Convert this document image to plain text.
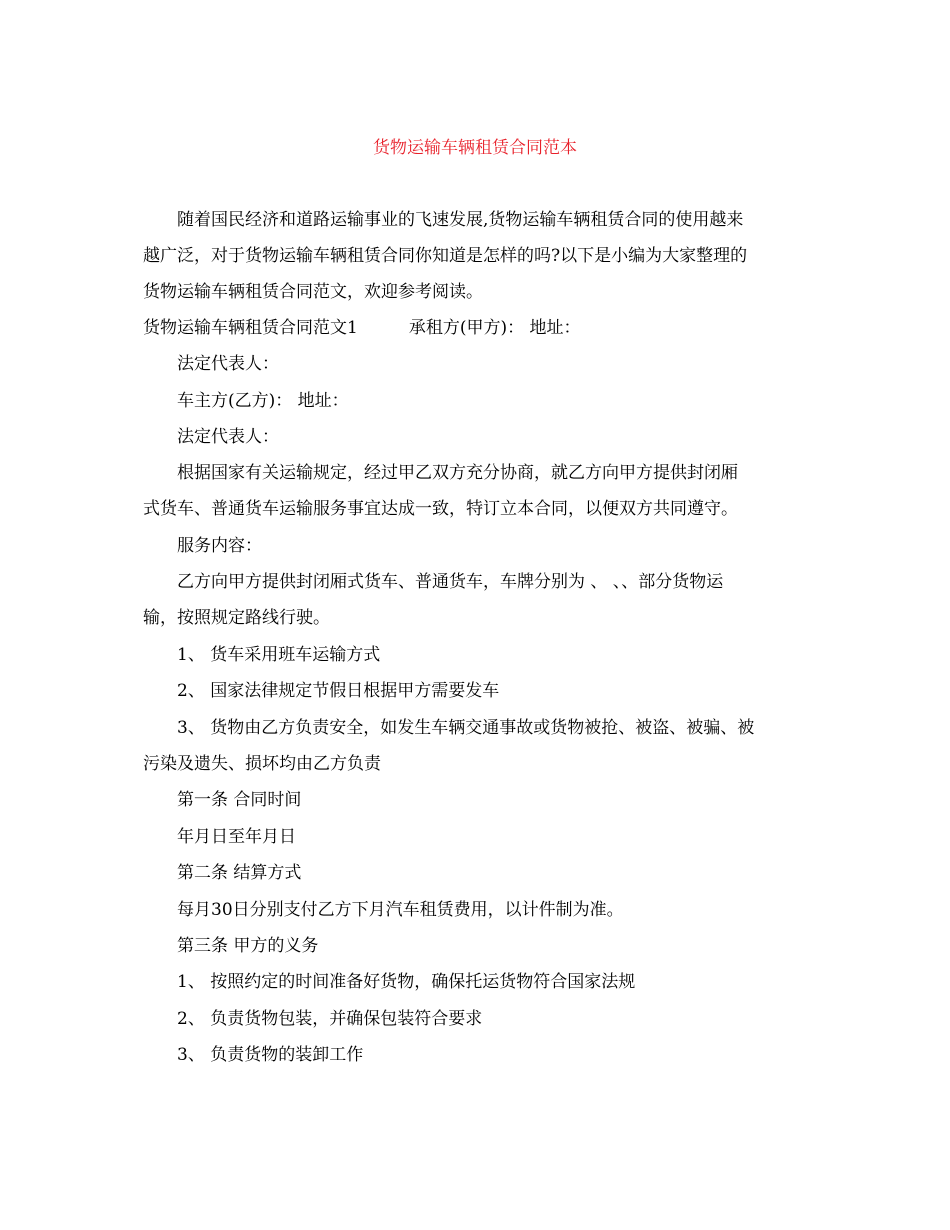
货物运输车辆租赁合同范本

　　随着国民经济和道路运输事业的飞速发展,货物运输车辆租赁合同的使用越来

越广泛，对于货物运输车辆租赁合同你知道是怎样的吗?以下是小编为大家整理的

货物运输车辆租赁合同范文，欢迎参考阅读。

货物运输车辆租赁合同范文1　　　承租方(甲方)： 地址：

　　法定代表人：

　　车主方(乙方)： 地址：

　　法定代表人：

　　根据国家有关运输规定，经过甲乙双方充分协商，就乙方向甲方提供封闭厢

式货车、普通货车运输服务事宜达成一致，特订立本合同，以便双方共同遵守。

　　服务内容：

　　乙方向甲方提供封闭厢式货车、普通货车，车牌分别为 、 、、部分货物运

输，按照规定路线行驶。

　　1、 货车采用班车运输方式

　　2、 国家法律规定节假日根据甲方需要发车

　　3、 货物由乙方负责安全，如发生车辆交通事故或货物被抢、被盗、被骗、被

污染及遗失、损坏均由乙方负责

　　第一条 合同时间

　　年月日至年月日

　　第二条 结算方式

　　每月30日分别支付乙方下月汽车租赁费用，以计件制为准。

　　第三条 甲方的义务

　　1、 按照约定的时间准备好货物，确保托运货物符合国家法规

　　2、 负责货物包装，并确保包装符合要求

　　3、 负责货物的装卸工作
